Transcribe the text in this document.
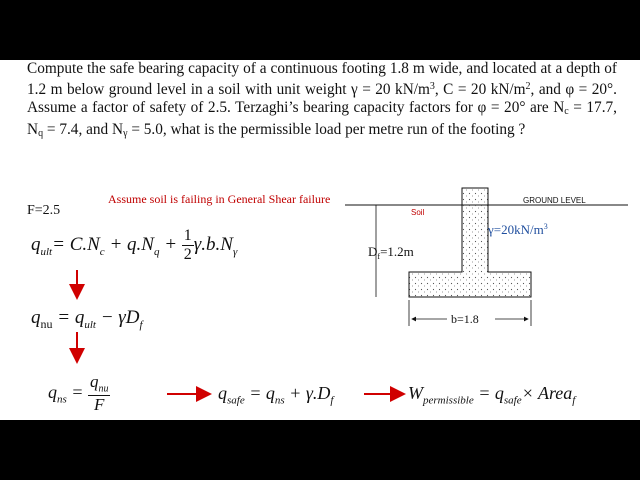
Compute the safe bearing capacity of a continuous footing 1.8 m wide, and located at a depth of 1.2 m below ground level in a soil with unit weight γ = 20 $kN/m^3$, C = 20 $kN/m^2$, and φ = 20°. Assume a factor of safety of 2.5. Terzaghi’s bearing capacity factors for φ = 20° are $N_c = 17.7$, $N_q = 7.4$, and $N_\gamma = 5.0$, what is the permissible load per metre run of the footing ?

Assume soil is failing in General Shear failure
F=2.5
GROUND LEVEL
Soil
$\gamma=20kN/m^3$
$D_f=1.2m$
b=1.8
$q_{ult}= C.N_c + q.N_q + \frac{1}{2} \gamma.b.N_\gamma$
$q_{nu} = q_{ult} - \gamma D_f$
$q_{ns} = \frac{q_{nu}}{F}$	$q_{safe} = q_{ns} + \gamma.D_f$	$W_{permissible} = q_{safe}\times$ Area$_f$
